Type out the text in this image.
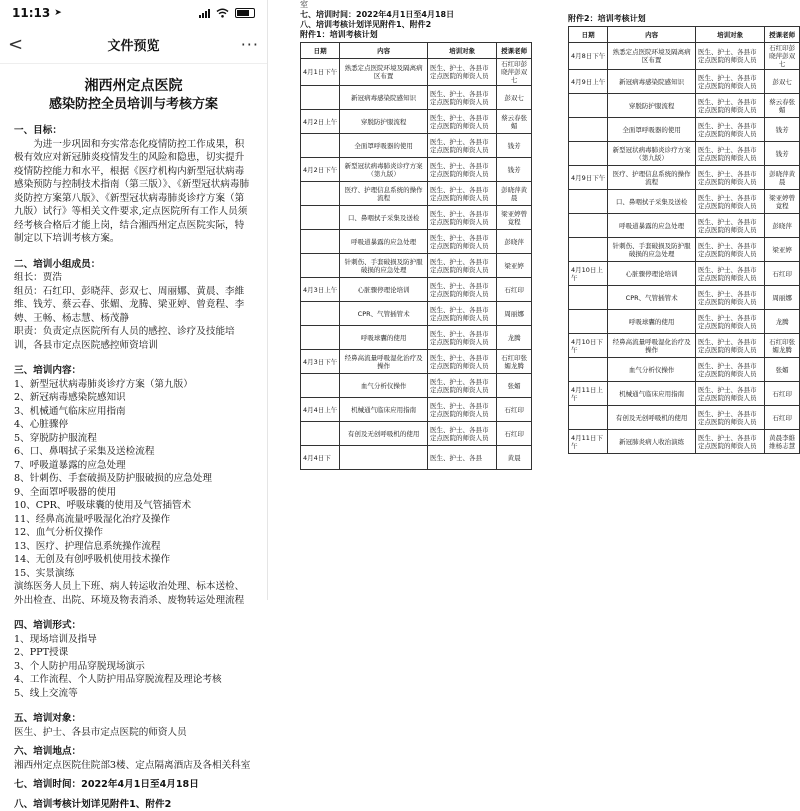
11:13 ➤
<	文件预览	···
湘西州定点医院
感染防控全员培训与考核方案

一、目标：

为进一步巩固和夯实常态化疫情防控工作成果，积极有效应对新冠肺炎疫情发生的风险和隐患，切实提升疫情防控能力和水平，根据《医疗机构内新型冠状病毒感染预防与控制技术指南（第三版）》、《新型冠状病毒肺炎防控方案第八版》、《新型冠状病毒肺炎诊疗方案（第九版）试行》等相关文件要求,定点医院所有工作人员须经考核合格后才能上岗，结合湘西州定点医院实际，特制定以下培训考核方案。

二、培训小组成员：

组长：贾浩

组员：石红印、彭晓萍、彭双七、周丽娜、黄晨、李維维、钱芳、蔡云春、张媚、龙腾、梁亚婷、曾竟程、李娉、王畅、杨志慧、杨茂静

职责：负责定点医院所有人员的感控、诊疗及技能培训，各县市定点医院感控师资培训

三、培训内容：

1、新型冠状病毒肺炎诊疗方案（第九版）

2、新冠病毒感染院感知识

3、机械通气临床应用指南

4、心脏骤停

5、穿脱防护服流程

6、口、鼻咽拭子采集及送检流程

7、呼吸道暴露的应急处理

8、针刺伤、手套破损及防护服破损的应急处理

9、全面罩呼吸器的使用

10、CPR、呼吸球囊的使用及气管插管术

11、经鼻高流量呼吸湿化治疗及操作

12、血气分析仪操作

13、医疗、护理信息系统操作流程

14、无创及有创呼吸机使用技术操作

15、实景演练

演练医务人员上下班、病人转运收治处理、标本送检、外出检查、出院、环境及物表消杀、废物转运处理流程

四、培训形式：

1、现场培训及指导

2、PPT授课

3、个人防护用品穿脱现场演示

4、工作流程、个人防护用品穿脱流程及理论考核

5、线上交流等

五、培训对象：

医生、护士、各县市定点医院的师资人员

六、培训地点：

湘西州定点医院住院部3楼、定点隔离酒店及各相关科室

七、培训时间：2022年4月1日至4月18日

八、培训考核计划详见附件1、附件2

室

七、培训时间：2022年4月1日至4月18日

八、培训考核计划详见附件1、附件2

附件1：培训考核计划

日期	内容	培训对象	授课老师
4月1日下午	熟悉定点医院环境及隔离病区布置	医生、护士、各县市定点医院的师资人员	石红印彭晓萍彭双七
	新冠病毒感染院感知识	医生、护士、各县市定点医院的师资人员	彭双七
4月2日上午	穿脱防护服流程	医生、护士、各县市定点医院的师资人员	蔡云春张媚
	全面罩呼吸器的使用	医生、护士、各县市定点医院的师资人员	钱芳
4月2日下午	新型冠状病毒肺炎诊疗方案（第九版）	医生、护士、各县市定点医院的师资人员	钱芳
	医疗、护理信息系统的操作流程	医生、护士、各县市定点医院的师资人员	彭晓萍黄晨
	口、鼻咽拭子采集及送检	医生、护士、各县市定点医院的师资人员	梁亚婷曾竟程
	呼吸道暴露的应急处理	医生、护士、各县市定点医院的师资人员	彭晓萍
	针刺伤、手套破损及防护服破损的应急处理	医生、护士、各县市定点医院的师资人员	梁亚婷
4月3日上午	心脏骤停理论培训	医生、护士、各县市定点医院的师资人员	石红印
	CPR、气管插管术	医生、护士、各县市定点医院的师资人员	周丽娜
	呼吸球囊的使用	医生、护士、各县市定点医院的师资人员	龙腾
4月3日下午	经鼻高流量呼吸湿化治疗及操作	医生、护士、各县市定点医院的师资人员	石红印张媚龙腾
	血气分析仪操作	医生、护士、各县市定点医院的师资人员	张媚
4月4日上午	机械通气临床应用指南	医生、护士、各县市定点医院的师资人员	石红印
	有创及无创呼吸机的使用	医生、护士、各县市定点医院的师资人员	石红印
4月4日下		医生、护士、各县	黄晨

附件2：培训考核计划

日期	内容	培训对象	授课老师
4月8日下午	熟悉定点医院环境及隔离病区布置	医生、护士、各县市定点医院的师资人员	石红印彭晓萍彭双七
4月9日上午	新冠病毒感染院感知识	医生、护士、各县市定点医院的师资人员	彭双七
	穿脱防护服流程	医生、护士、各县市定点医院的师资人员	蔡云春张媚
	全面罩呼吸器的使用	医生、护士、各县市定点医院的师资人员	钱芳
	新型冠状病毒肺炎诊疗方案（第九版）	医生、护士、各县市定点医院的师资人员	钱芳
4月9日下午	医疗、护理信息系统的操作流程	医生、护士、各县市定点医院的师资人员	彭晓萍黄晨
	口、鼻咽拭子采集及送检	医生、护士、各县市定点医院的师资人员	梁亚婷曾竟程
	呼吸道暴露的应急处理	医生、护士、各县市定点医院的师资人员	彭晓萍
	针刺伤、手套破损及防护服破损的应急处理	医生、护士、各县市定点医院的师资人员	梁亚婷
4月10日上午	心脏骤停理论培训	医生、护士、各县市定点医院的师资人员	石红印
	CPR、气管插管术	医生、护士、各县市定点医院的师资人员	周丽娜
	呼吸球囊的使用	医生、护士、各县市定点医院的师资人员	龙腾
4月10日下午	经鼻高流量呼吸湿化治疗及操作	医生、护士、各县市定点医院的师资人员	石红印张媚龙腾
	血气分析仪操作	医生、护士、各县市定点医院的师资人员	张媚
4月11日上午	机械通气临床应用指南	医生、护士、各县市定点医院的师资人员	石红印
	有创及无创呼吸机的使用	医生、护士、各县市定点医院的师资人员	石红印
4月11日下午	新冠肺炎病人收治演练	医生、护士、各县市定点医院的师资人员	黄晨李維维杨志慧
